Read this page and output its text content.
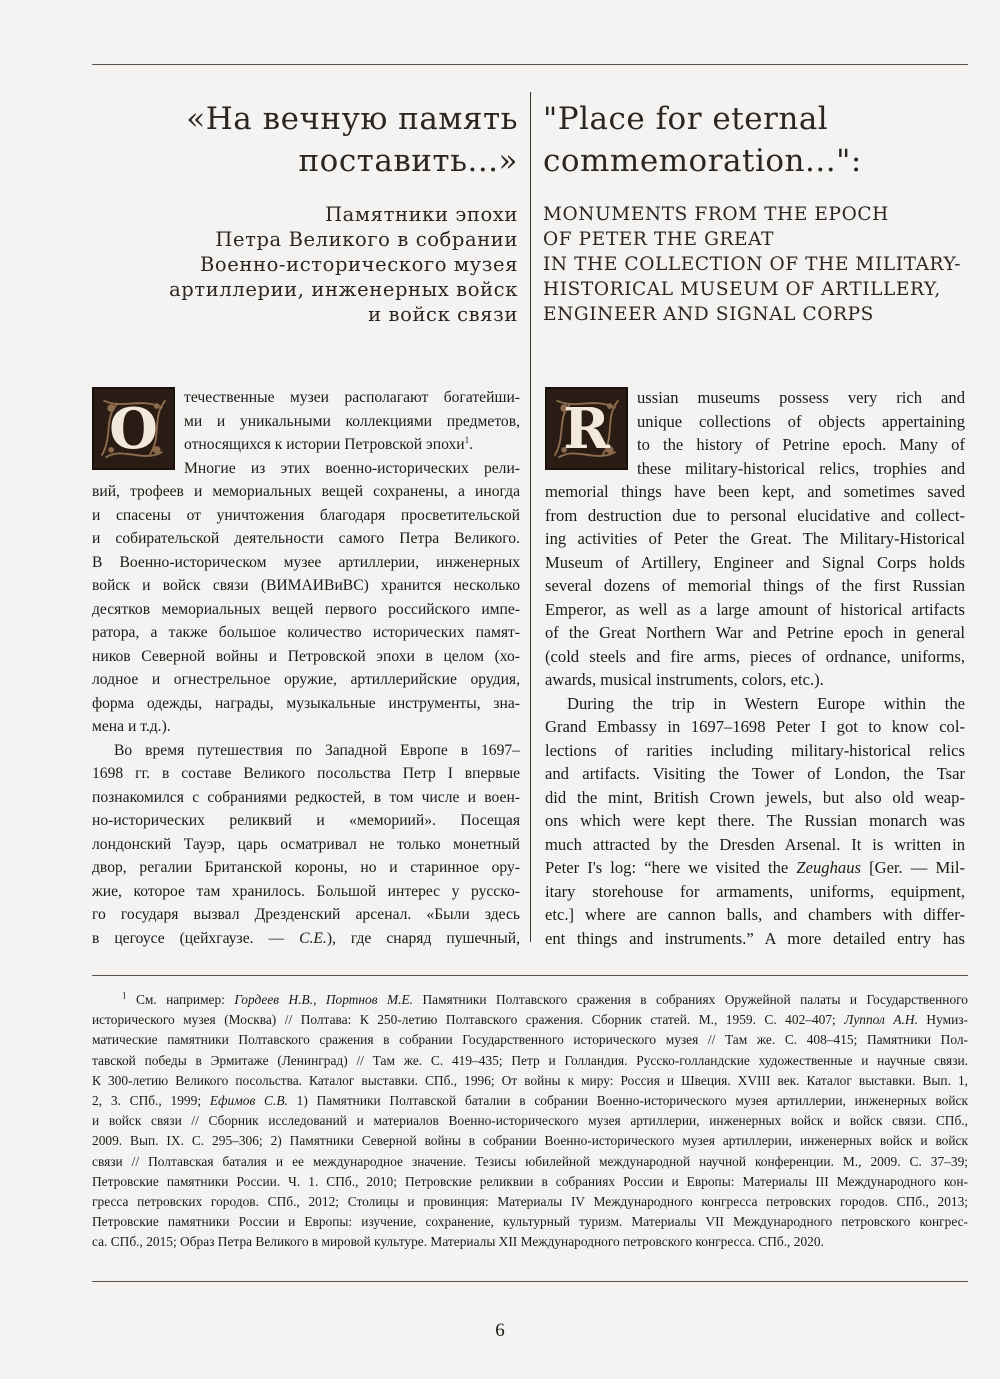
«На вечную память
поставить...»
"Place for eternal
commemoration...":
Памятники эпохи
Петра Великого в собрании
Военно-исторического музея
артиллерии, инженерных войск
и войск связи
MONUMENTS FROM THE EPOCH
OF PETER THE GREAT
IN THE COLLECTION OF THE MILITARY-
HISTORICAL MUSEUM OF ARTILLERY,
ENGINEER AND SIGNAL CORPS
течественные музеи располагают богатейши-
ми и уникальными коллекциями предметов,
относящихся к истории Петровской эпохи$^1$.
Многие из этих военно-исторических рели-
вий, трофеев и мемориальных вещей сохранены, а иногда
и спасены от уничтожения благодаря просветительской
и собирательской деятельности самого Петра Великого.
В Военно-историческом музее артиллерии, инженерных
войск и войск связи (ВИМАИВиВС) хранится несколько
десятков мемориальных вещей первого российского импе-
ратора, а также большое количество исторических памят-
ников Северной войны и Петровской эпохи в целом (хо-
лодное и огнестрельное оружие, артиллерийские орудия,
форма одежды, награды, музыкальные инструменты, зна-
мена и т.д.).
Во время путешествия по Западной Европе в 1697–
1698 гг. в составе Великого посольства Петр I впервые
познакомился с собраниями редкостей, в том числе и воен-
но-исторических реликвий и «мемориий». Посещая
лондонский Тауэр, царь осматривал не только монетный
двор, регалии Британской короны, но и старинное ору-
жие, которое там хранилось. Большой интерес у русско-
го государя вызвал Дрезденский арсенал. «Были здесь
в цегоусе (цейхгаузе. — С.Е.), где снаряд пушечный,
ussian museums possess very rich and
unique collections of objects appertaining
to the history of Petrine epoch. Many of
these military-historical relics, trophies and
memorial things have been kept, and sometimes saved
from destruction due to personal elucidative and collect-
ing activities of Peter the Great. The Military-Historical
Museum of Artillery, Engineer and Signal Corps holds
several dozens of memorial things of the first Russian
Emperor, as well as a large amount of historical artifacts
of the Great Northern War and Petrine epoch in general
(cold steels and fire arms, pieces of ordnance, uniforms,
awards, musical instruments, colors, etc.).
During the trip in Western Europe within the
Grand Embassy in 1697–1698 Peter I got to know col-
lections of rarities including military-historical relics
and artifacts. Visiting the Tower of London, the Tsar
did the mint, British Crown jewels, but also old weap-
ons which were kept there. The Russian monarch was
much attracted by the Dresden Arsenal. It is written in
Peter I's log: “here we visited the Zeughaus [Ger. — Mil-
itary storehouse for armaments, uniforms, equipment,
etc.] where are cannon balls, and chambers with differ-
ent things and instruments.” A more detailed entry has
О	R
$^1$ См. например: Гордеев Н.В., Портнов М.Е. Памятники Полтавского сражения в собраниях Оружейной палаты и Государственного
исторического музея (Москва) // Полтава: К 250-летию Полтавского сражения. Сборник статей. М., 1959. С. 402–407; Луппол А.Н. Нумиз-
матические памятники Полтавского сражения в собрании Государственного исторического музея // Там же. С. 408–415; Памятники Пол-
тавской победы в Эрмитаже (Ленинград) // Там же. С. 419–435; Петр и Голландия. Русско-голландские художественные и научные связи.
К 300-летию Великого посольства. Каталог выставки. СПб., 1996; От войны к миру: Россия и Швеция. XVIII век. Каталог выставки. Вып. 1,
2, 3. СПб., 1999; Ефимов С.В. 1) Памятники Полтавской баталии в собрании Военно-исторического музея артиллерии, инженерных войск
и войск связи // Сборник исследований и материалов Военно-исторического музея артиллерии, инженерных войск и войск связи. СПб.,
2009. Вып. IX. С. 295–306; 2) Памятники Северной войны в собрании Военно-исторического музея артиллерии, инженерных войск и войск
связи // Полтавская баталия и ее международное значение. Тезисы юбилейной международной научной конференции. М., 2009. С. 37–39;
Петровские памятники России. Ч. 1. СПб., 2010; Петровские реликвии в собраниях России и Европы: Материалы III Международного кон-
гресса петровских городов. СПб., 2012; Столицы и провинция: Материалы IV Международного конгресса петровских городов. СПб., 2013;
Петровские памятники России и Европы: изучение, сохранение, культурный туризм. Материалы VII Международного петровского конгрес-
са. СПб., 2015; Образ Петра Великого в мировой культуре. Материалы XII Международного петровского конгресса. СПб., 2020.
6
